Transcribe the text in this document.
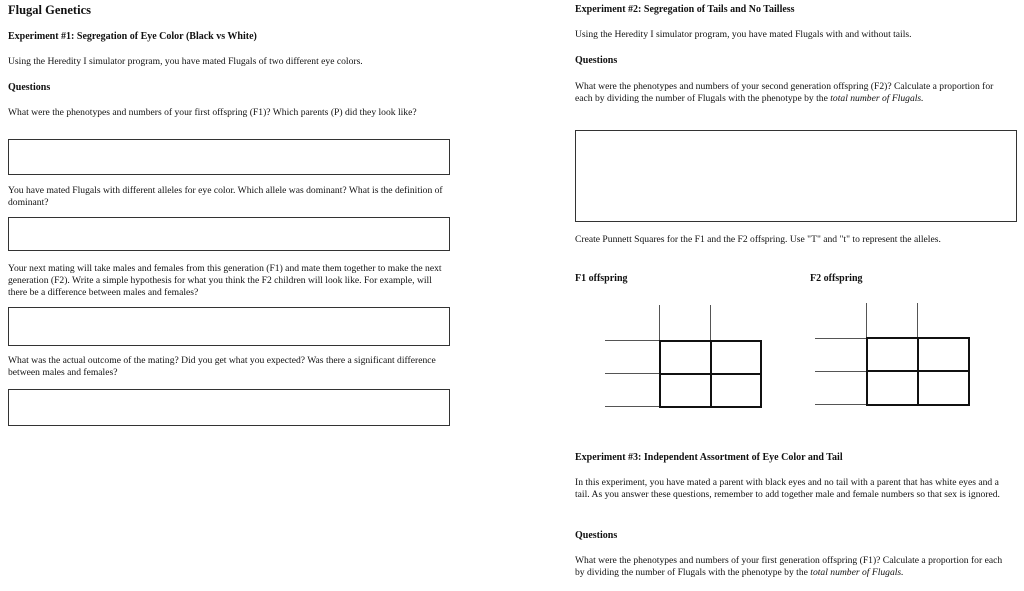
Flugal Genetics
Experiment #1: Segregation of Eye Color (Black vs White)
Using the Heredity I simulator program, you have mated Flugals of two different eye colors.
Questions
What were the phenotypes and numbers of your first offspring (F1)? Which parents (P) did they look like?
You have mated Flugals with different alleles for eye color. Which allele was dominant? What is the definition of dominant?
Your next mating will take males and females from this generation (F1) and mate them together to make the next generation (F2). Write a simple hypothesis for what you think the F2 children will look like. For example, will there be a difference between males and females?
What was the actual outcome of the mating? Did you get what you expected? Was there a significant difference between males and females?
Experiment #2: Segregation of Tails and No Tailless
Using the Heredity I simulator program, you have mated Flugals with and without tails.
Questions
What were the phenotypes and numbers of your second generation offspring (F2)? Calculate a proportion for each by dividing the number of Flugals with the phenotype by the total number of Flugals.
Create Punnett Squares for the F1 and the F2 offspring. Use "T" and "t" to represent the alleles.
F1 offspring	F2 offspring
Experiment #3: Independent Assortment of Eye Color and Tail
In this experiment, you have mated a parent with black eyes and no tail with a parent that has white eyes and a tail. As you answer these questions, remember to add together male and female numbers so that sex is ignored.
Questions
What were the phenotypes and numbers of your first generation offspring (F1)? Calculate a proportion for each by dividing the number of Flugals with the phenotype by the total number of Flugals.
